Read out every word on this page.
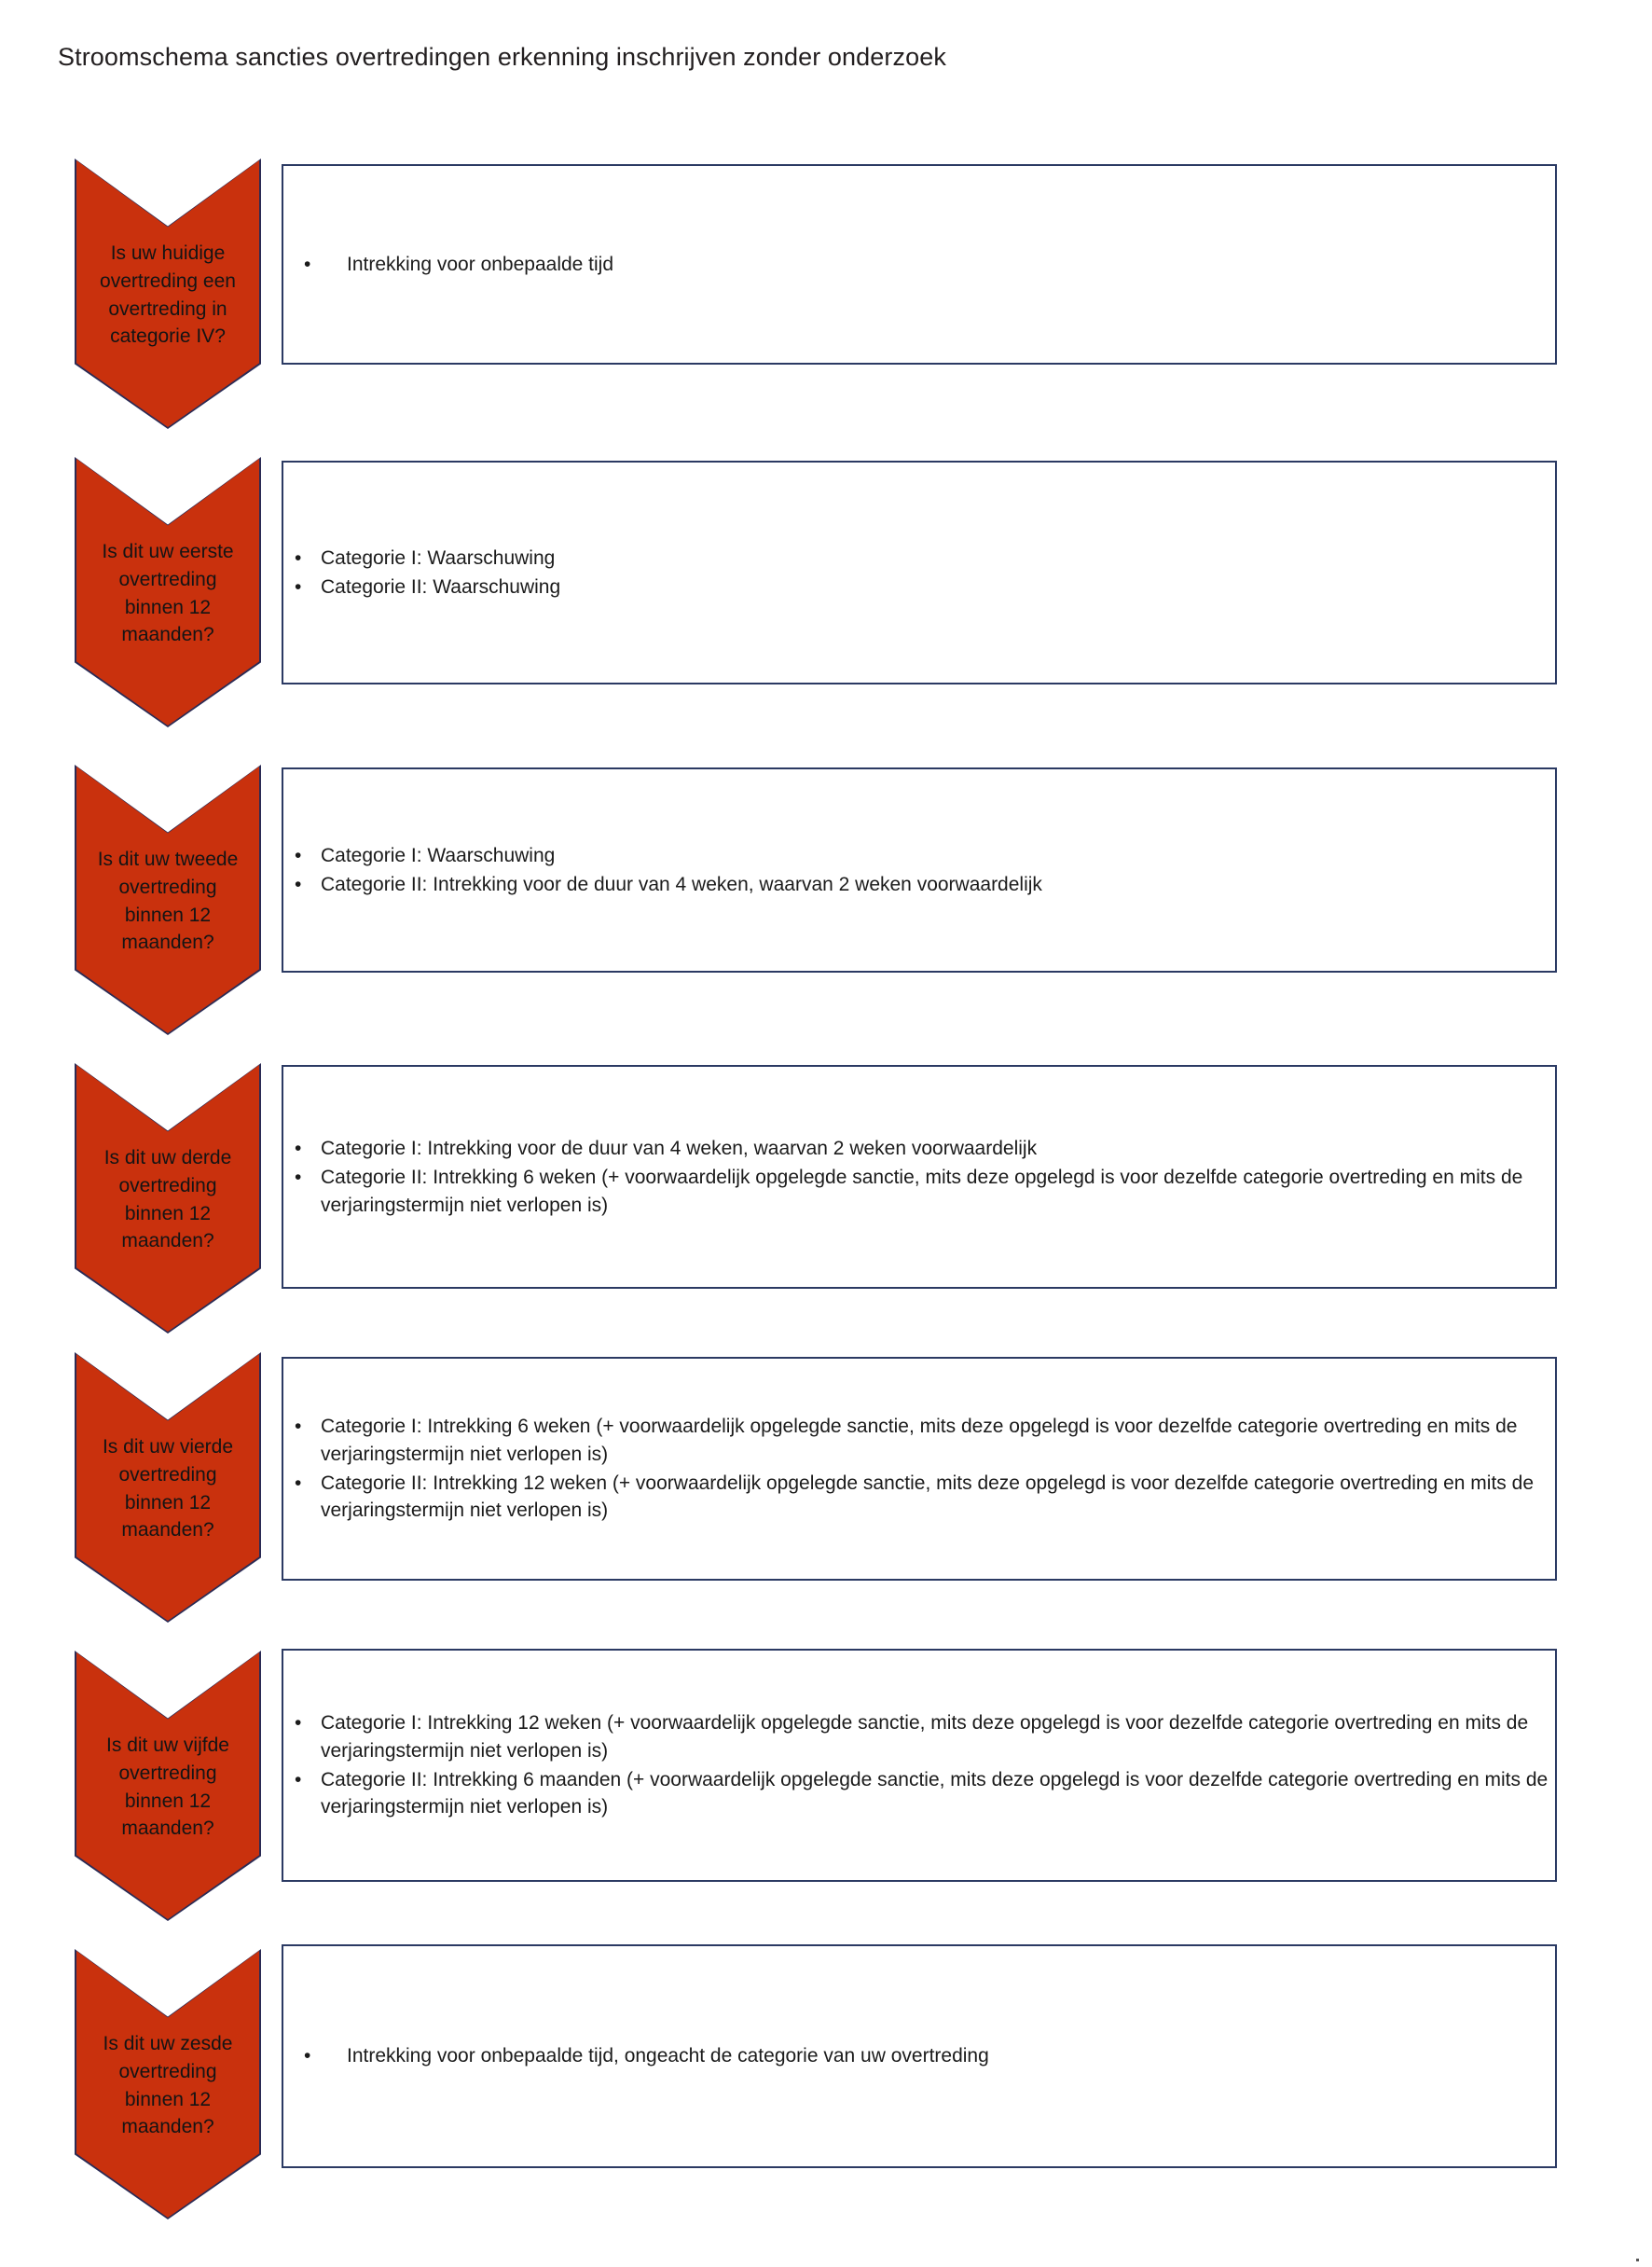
Stroomschema sancties overtredingen erkenning inschrijven zonder onderzoek
Is uw huidige
overtreding een
overtreding in
categorie IV?
• Intrekking voor onbepaalde tijd
Is dit uw eerste
overtreding
binnen 12
maanden?
• Categorie I: Waarschuwing
• Categorie II: Waarschuwing
Is dit uw tweede
overtreding
binnen 12
maanden?
• Categorie I: Waarschuwing
• Categorie II: Intrekking voor de duur van 4 weken, waarvan 2 weken voorwaardelijk
Is dit uw derde
overtreding
binnen 12
maanden?
• Categorie I: Intrekking voor de duur van 4 weken, waarvan 2 weken voorwaardelijk
• Categorie II: Intrekking 6 weken (+ voorwaardelijk opgelegde sanctie, mits deze opgelegd is voor dezelfde categorie overtreding en mits de verjaringstermijn niet verlopen is)
Is dit uw vierde
overtreding
binnen 12
maanden?
• Categorie I: Intrekking 6 weken (+ voorwaardelijk opgelegde sanctie, mits deze opgelegd is voor dezelfde categorie overtreding en mits de verjaringstermijn niet verlopen is)
• Categorie II: Intrekking 12 weken (+ voorwaardelijk opgelegde sanctie, mits deze opgelegd is voor dezelfde categorie overtreding en mits de verjaringstermijn niet verlopen is)
Is dit uw vijfde
overtreding
binnen 12
maanden?
• Categorie I: Intrekking 12 weken (+ voorwaardelijk opgelegde sanctie, mits deze opgelegd is voor dezelfde categorie overtreding en mits de verjaringstermijn niet verlopen is)
• Categorie II: Intrekking 6 maanden (+ voorwaardelijk opgelegde sanctie, mits deze opgelegd is voor dezelfde categorie overtreding en mits de verjaringstermijn niet verlopen is)
Is dit uw zesde
overtreding
binnen 12
maanden?
• Intrekking voor onbepaalde tijd, ongeacht de categorie van uw overtreding
